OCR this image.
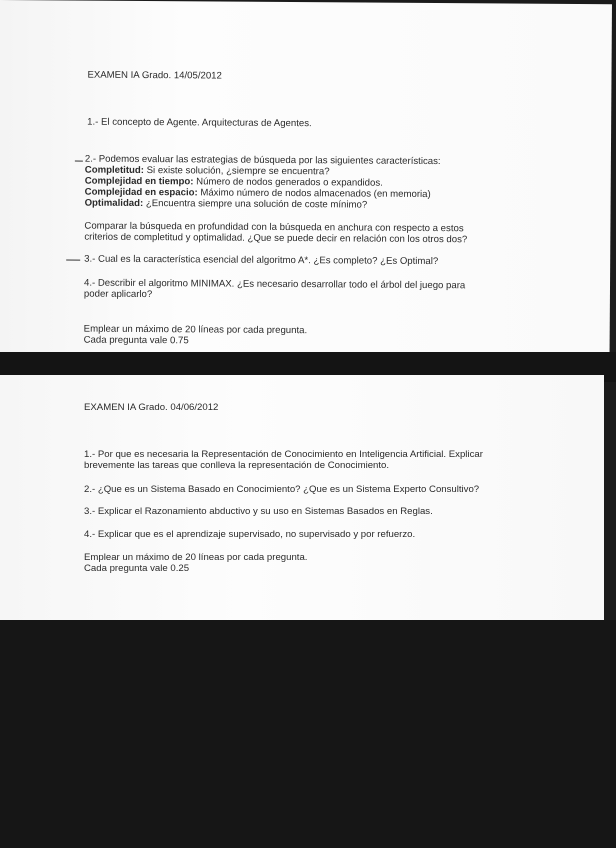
EXAMEN IA Grado. 14/05/2012
1.- El concepto de Agente. Arquitecturas de Agentes.
2.- Podemos evaluar las estrategias de búsqueda por las siguientes características:
Completitud: Si existe solución, ¿siempre se encuentra?
Complejidad en tiempo: Número de nodos generados o expandidos.
Complejidad en espacio: Máximo número de nodos almacenados (en memoria)
Optimalidad: ¿Encuentra siempre una solución de coste mínimo?
Comparar la búsqueda en profundidad con la búsqueda en anchura con respecto a estos
criterios de completitud y optimalidad. ¿Que se puede decir en relación con los otros dos?
3.- Cual es la característica esencial del algoritmo A*. ¿Es completo? ¿Es Optimal?
4.- Describir el algoritmo MINIMAX. ¿Es necesario desarrollar todo el árbol del juego para
poder aplicarlo?
Emplear un máximo de 20 líneas por cada pregunta.
Cada pregunta vale 0.75
EXAMEN IA Grado. 04/06/2012
1.- Por que es necesaria la Representación de Conocimiento en Inteligencia Artificial. Explicar
brevemente las tareas que conlleva la representación de Conocimiento.
2.- ¿Que es un Sistema Basado en Conocimiento? ¿Que es un Sistema Experto Consultivo?
3.- Explicar el Razonamiento abductivo y su uso en Sistemas Basados en Reglas.
4.- Explicar que es el aprendizaje supervisado, no supervisado y por refuerzo.
Emplear un máximo de 20 líneas por cada pregunta.
Cada pregunta vale 0.25
